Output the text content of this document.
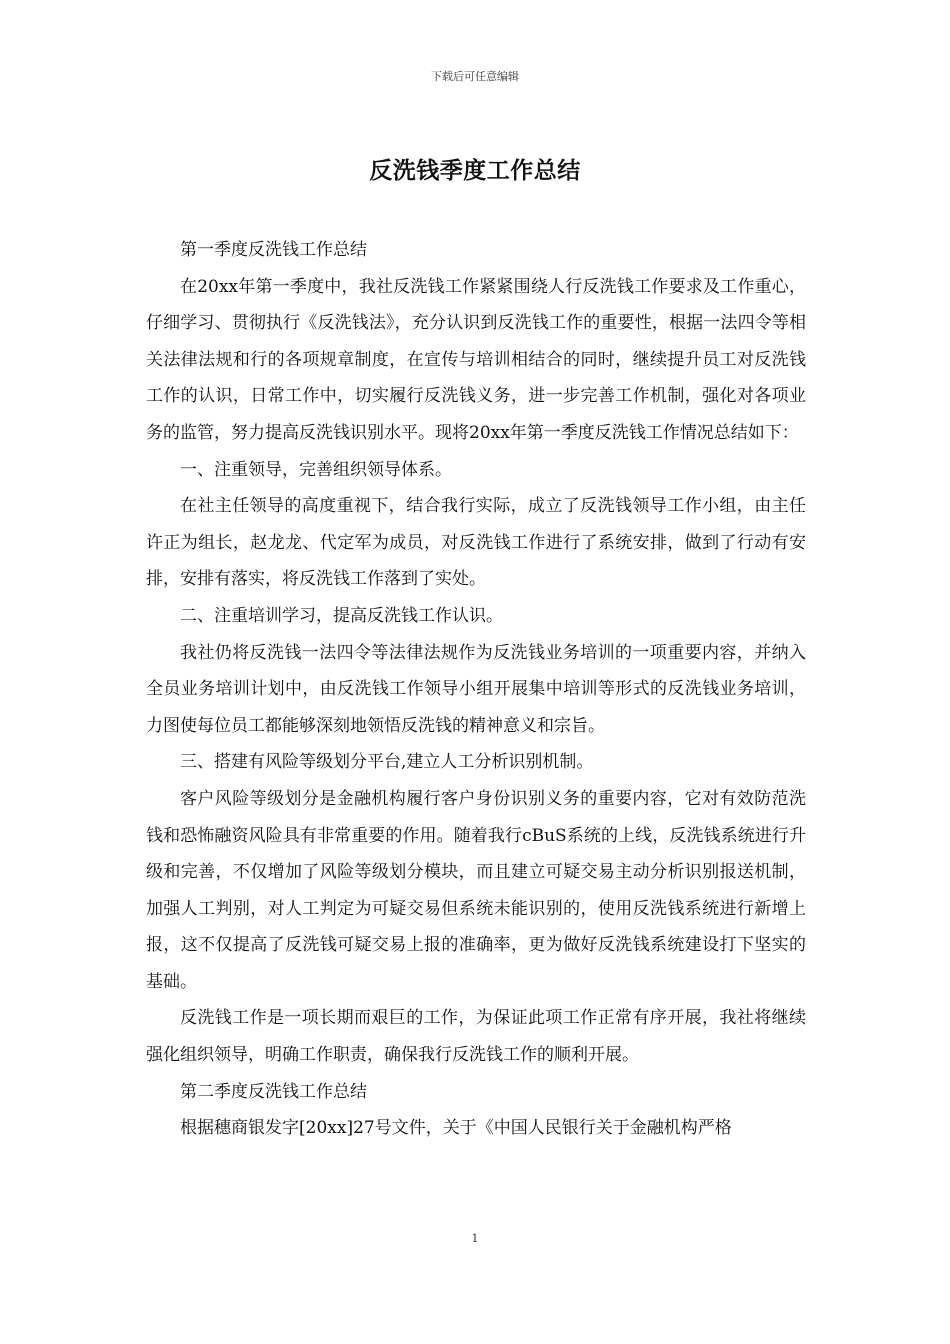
下载后可任意编辑
反洗钱季度工作总结

第一季度反洗钱工作总结

在20xx年第一季度中，我社反洗钱工作紧紧围绕人行反洗钱工作要求及工作重心，仔细学习、贯彻执行《反洗钱法》，充分认识到反洗钱工作的重要性，根据一法四令等相关法律法规和行的各项规章制度，在宣传与培训相结合的同时，继续提升员工对反洗钱工作的认识，日常工作中，切实履行反洗钱义务，进一步完善工作机制，强化对各项业务的监管，努力提高反洗钱识别水平。现将20xx年第一季度反洗钱工作情况总结如下：

一、注重领导，完善组织领导体系。

在社主任领导的高度重视下，结合我行实际，成立了反洗钱领导工作小组，由主任许正为组长，赵龙龙、代定军为成员，对反洗钱工作进行了系统安排，做到了行动有安排，安排有落实，将反洗钱工作落到了实处。

二、注重培训学习，提高反洗钱工作认识。

我社仍将反洗钱一法四令等法律法规作为反洗钱业务培训的一项重要内容，并纳入全员业务培训计划中，由反洗钱工作领导小组开展集中培训等形式的反洗钱业务培训，力图使每位员工都能够深刻地领悟反洗钱的精神意义和宗旨。

三、搭建有风险等级划分平台,建立人工分析识别机制。

客户风险等级划分是金融机构履行客户身份识别义务的重要内容，它对有效防范洗钱和恐怖融资风险具有非常重要的作用。随着我行cBuS系统的上线，反洗钱系统进行升级和完善，不仅增加了风险等级划分模块，而且建立可疑交易主动分析识别报送机制，加强人工判别，对人工判定为可疑交易但系统未能识别的，使用反洗钱系统进行新增上报，这不仅提高了反洗钱可疑交易上报的准确率，更为做好反洗钱系统建设打下坚实的基础。

反洗钱工作是一项长期而艰巨的工作，为保证此项工作正常有序开展，我社将继续强化组织领导，明确工作职责，确保我行反洗钱工作的顺利开展。

第二季度反洗钱工作总结

根据穗商银发字[20xx]27号文件，关于《中国人民银行关于金融机构严格

1
